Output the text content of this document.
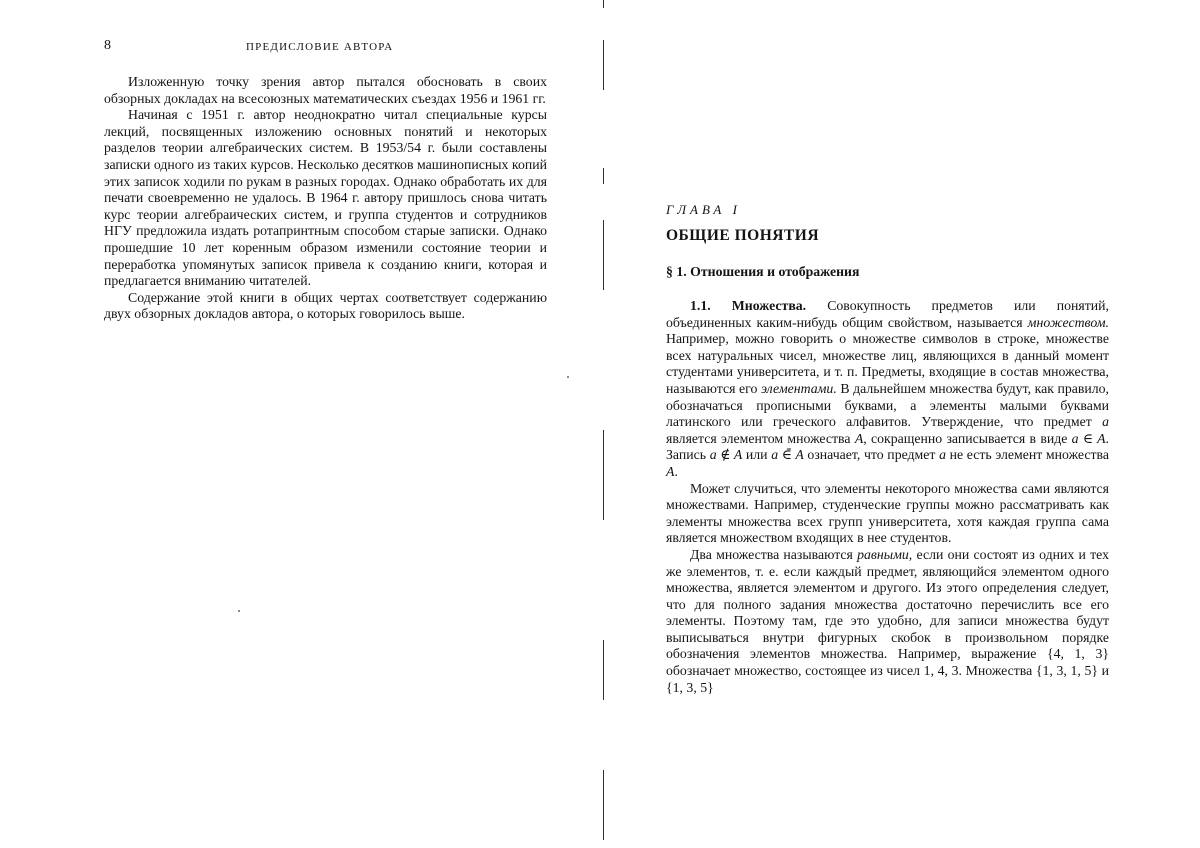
8	ПРЕДИСЛОВИЕ АВТОРА

Изложенную точку зрения автор пытался обосновать в своих обзорных докладах на всесоюзных математических съездах 1956 и 1961 гг.

Начиная с 1951 г. автор неоднократно читал специальные курсы лекций, посвященных изложению основных понятий и некоторых разделов теории алгебраических систем. В 1953/54 г. были составлены записки одного из таких курсов. Несколько десятков машинописных копий этих записок ходили по рукам в разных городах. Однако обработать их для печати своевременно не удалось. В 1964 г. автору пришлось снова читать курс теории алгебраических систем, и группа студентов и сотрудников НГУ предложила издать ротапринтным способом старые записки. Однако прошедшие 10 лет коренным образом изменили состояние теории и переработка упомянутых записок привела к созданию книги, которая и предлагается вниманию читателей.

Содержание этой книги в общих чертах соответствует содержанию двух обзорных докладов автора, о которых говорилось выше.

ГЛАВА I
ОБЩИЕ ПОНЯТИЯ
§ 1. Отношения и отображения

1.1. Множества. Совокупность предметов или понятий, объединенных каким-нибудь общим свойством, называется множеством. Например, можно говорить о множестве символов в строке, множестве всех натуральных чисел, множестве лиц, являющихся в данный момент студентами университета, и т. п. Предметы, входящие в состав множества, называются его элементами. В дальнейшем множества будут, как правило, обозначаться прописными буквами, а элементы малыми буквами латинского или греческого алфавитов. Утверждение, что предмет a является элементом множества A, сокращенно записывается в виде a ∈ A. Запись a ∉ A или a ∈̄ A означает, что предмет a не есть элемент множества A.

Может случиться, что элементы некоторого множества сами являются множествами. Например, студенческие группы можно рассматривать как элементы множества всех групп университета, хотя каждая группа сама является множеством входящих в нее студентов.

Два множества называются равными, если они состоят из одних и тех же элементов, т. е. если каждый предмет, являющийся элементом одного множества, является элементом и другого. Из этого определения следует, что для полного задания множества достаточно перечислить все его элементы. Поэтому там, где это удобно, для записи множества будут выписываться внутри фигурных скобок в произвольном порядке обозначения элементов множества. Например, выражение {4, 1, 3} обозначает множество, состоящее из чисел 1, 4, 3. Множества {1, 3, 1, 5} и {1, 3, 5}
